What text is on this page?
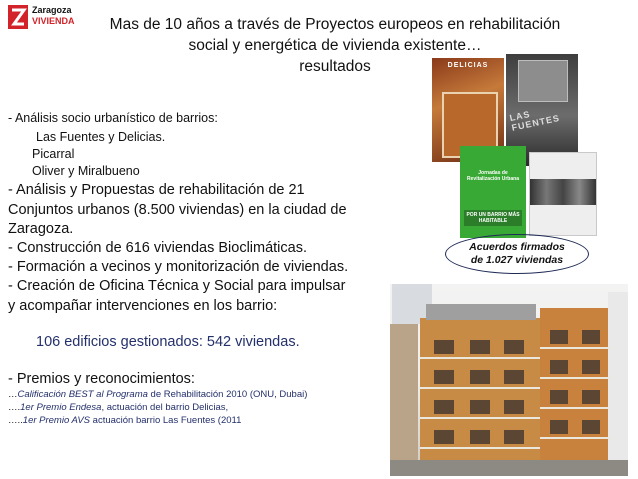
Zaragoza
VIVIENDA	Mas de 10 años a través de Proyectos europeos en rehabilitación
social y energética de vivienda existente…
resultados	DELICIAS
LAS FUENTES
Jornadas de Revitalización Urbana
POR UN BARRIO MÁS HABITABLE
Acuerdos firmados
de 1.027 viviendas
- Análisis socio urbanístico de barrios:
Las Fuentes y Delicias.
Picarral
Oliver y Miralbueno
- Análisis y Propuestas de rehabilitación de 21
Conjuntos urbanos (8.500 viviendas) en la ciudad de
Zaragoza.
- Construcción de 616 viviendas Bioclimáticas.
- Formación a vecinos y monitorización de viviendas.
- Creación de Oficina Técnica y Social para impulsar
y acompañar intervenciones en los barrio:
106 edificios gestionados: 542 viviendas.
- Premios y reconocimientos:
…Calificación BEST al Programa de Rehabilitación 2010 (ONU, Dubai)
….1er Premio Endesa, actuación del barrio Delicias,
…..1er Premio AVS actuación barrio Las Fuentes (2011
